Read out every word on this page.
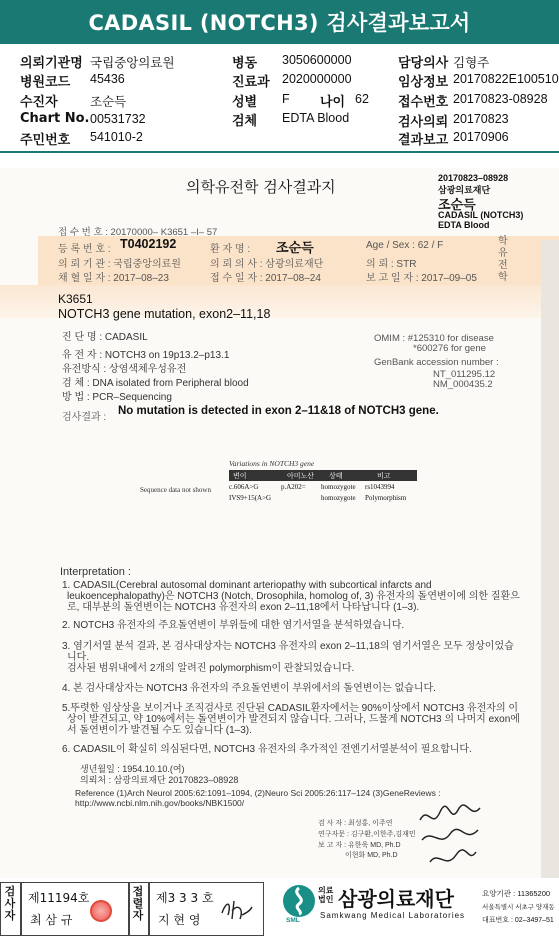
CADASIL (NOTCH3) 검사결과보고서
의뢰기관명 국립중앙의료원
병원코드 45436
수진자	조순득
Chart No. 00531732
주민번호 541010-2
병동 3050600000
진료과 2020000000
성별 F 나이 62
검체 EDTA Blood
담당의사 김형주
임상정보 20170822E100510
접수번호 20170823-08928
검사의뢰 20170823
결과보고 20170906
의학유전학 검사결과지	20170823–08928
삼광의료재단
조순득
CADASIL (NOTCH3)
EDTA Blood
접 수 번 호 : 20170000– K3651 –I– 57
등 록 번 호 : T0402192	환 자 명 : 조순득	Age / Sex : 62 / F	학 유 전 학
의 뢰 기 관 : 국립중앙의료원	의 뢰 의 사 : 삼광의료재단	의 뢰 : STR
채 혈 일 자 : 2017–08–23	접 수 일 자 : 2017–08–24	보 고 일 자 : 2017–09–05
K3651
NOTCH3 gene mutation, exon2–11,18
진 단 명 : CADASIL
유 전 자 : NOTCH3 on 19p13.2–p13.1
유전방식 : 상염색체우성유전
검 체 : DNA isolated from Peripheral blood
방 법 : PCR–Sequencing
OMIM : #125310 for disease
*600276 for gene
GenBank accession number :
NT_011295.12
NM_000435.2
검사결과 :
No mutation is detected in exon 2–11&18 of NOTCH3 gene.
Variations in NOTCH3 gene
Sequence data not shown
변이	아미노산 상태	비고
c.606A>G	p.A202= homozygote rs1043994
IVS9+15(A>G	homozygote Polymorphism
Interpretation :
1. CADASIL(Cerebral autosomal dominant arteriopathy with subcortical infarcts and
leukoencephalopathy)은 NOTCH3 (Notch, Drosophila, homolog of, 3) 유전자의 돌연변이에 의한 질환으
로, 대부분의 돌연변이는 NOTCH3 유전자의 exon 2–11,18에서 나타납니다 (1–3).
2. NOTCH3 유전자의 주요돌연변이 부위들에 대한 염기서열을 분석하였습니다.
3. 염기서열 분석 결과, 본 검사대상자는 NOTCH3 유전자의 exon 2–11,18의 염기서열은 모두 정상이었습
니다.
검사된 범위내에서 2개의 알려진 polymorphism이 관찰되었습니다.
4. 본 검사대상자는 NOTCH3 유전자의 주요돌연변이 부위에서의 돌연변이는 없습니다.
5.뚜렷한 임상상을 보이거나 조직검사로 진단된 CADASIL환자에서는 90%이상에서 NOTCH3 유전자의 이
상이 발견되고, 약 10%에서는 돌연변이가 발견되지 않습니다. 그러나, 드물게 NOTCH3 의 나머지 exon에
서 돌연변이가 발견될 수도 있습니다 (1–3).
6. CADASIL이 확실히 의심된다면, NOTCH3 유전자의 추가적인 전엔기서열분석이 필요합니다.
생년월일 : 1954.10.10.(여)
의뢰처 : 삼광의료재단 20170823–08928
Reference (1)Arch Neurol 2005:62:1091–1094, (2)Neuro Sci 2005:26:117–124 (3)GeneReviews :
http://www.ncbi.nlm.nih.gov/books/NBK1500/
검 사 자 : 최성홍, 이주연
연구자문 : 김구환,이한주,김재민
보 고 자 : 유한욱 MD, Ph.D
이현화 MD, Ph.D
검사자
제11194호
최 삼 규
접렬자
제3 3 3 호
지 현 영	SML
의료 법인 삼광의료재단
Samkwang Medical Laboratories
요양기관 : 11365200
서울특별시 서초구 양재동
대표번호 : 02–3497–51
